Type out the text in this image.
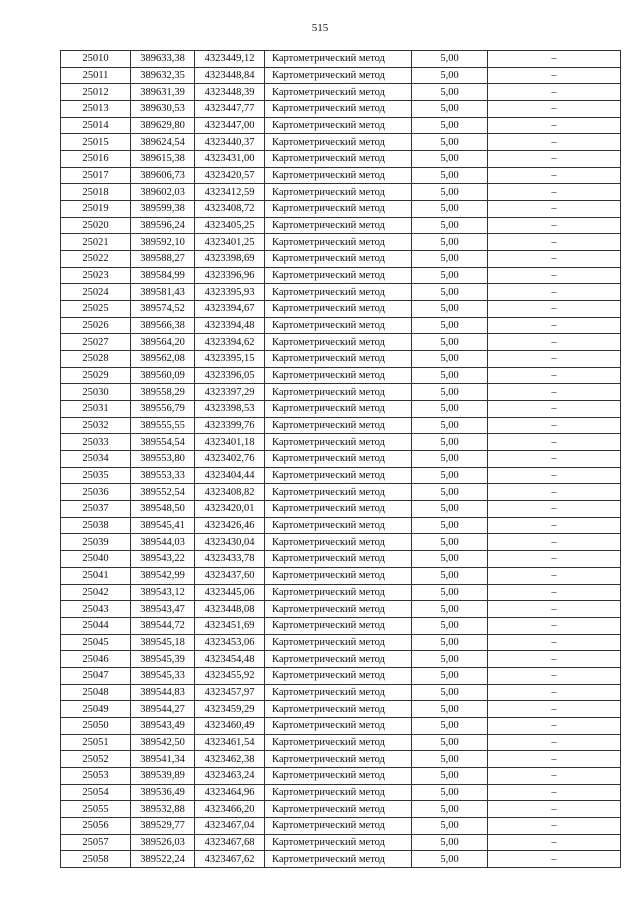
515
25010	389633,38	4323449,12	Картометрический метод	5,00	–
25011	389632,35	4323448,84	Картометрический метод	5,00	–
25012	389631,39	4323448,39	Картометрический метод	5,00	–
25013	389630,53	4323447,77	Картометрический метод	5,00	–
25014	389629,80	4323447,00	Картометрический метод	5,00	–
25015	389624,54	4323440,37	Картометрический метод	5,00	–
25016	389615,38	4323431,00	Картометрический метод	5,00	–
25017	389606,73	4323420,57	Картометрический метод	5,00	–
25018	389602,03	4323412,59	Картометрический метод	5,00	–
25019	389599,38	4323408,72	Картометрический метод	5,00	–
25020	389596,24	4323405,25	Картометрический метод	5,00	–
25021	389592,10	4323401,25	Картометрический метод	5,00	–
25022	389588,27	4323398,69	Картометрический метод	5,00	–
25023	389584,99	4323396,96	Картометрический метод	5,00	–
25024	389581,43	4323395,93	Картометрический метод	5,00	–
25025	389574,52	4323394,67	Картометрический метод	5,00	–
25026	389566,38	4323394,48	Картометрический метод	5,00	–
25027	389564,20	4323394,62	Картометрический метод	5,00	–
25028	389562,08	4323395,15	Картометрический метод	5,00	–
25029	389560,09	4323396,05	Картометрический метод	5,00	–
25030	389558,29	4323397,29	Картометрический метод	5,00	–
25031	389556,79	4323398,53	Картометрический метод	5,00	–
25032	389555,55	4323399,76	Картометрический метод	5,00	–
25033	389554,54	4323401,18	Картометрический метод	5,00	–
25034	389553,80	4323402,76	Картометрический метод	5,00	–
25035	389553,33	4323404,44	Картометрический метод	5,00	–
25036	389552,54	4323408,82	Картометрический метод	5,00	–
25037	389548,50	4323420,01	Картометрический метод	5,00	–
25038	389545,41	4323426,46	Картометрический метод	5,00	–
25039	389544,03	4323430,04	Картометрический метод	5,00	–
25040	389543,22	4323433,78	Картометрический метод	5,00	–
25041	389542,99	4323437,60	Картометрический метод	5,00	–
25042	389543,12	4323445,06	Картометрический метод	5,00	–
25043	389543,47	4323448,08	Картометрический метод	5,00	–
25044	389544,72	4323451,69	Картометрический метод	5,00	–
25045	389545,18	4323453,06	Картометрический метод	5,00	–
25046	389545,39	4323454,48	Картометрический метод	5,00	–
25047	389545,33	4323455,92	Картометрический метод	5,00	–
25048	389544,83	4323457,97	Картометрический метод	5,00	–
25049	389544,27	4323459,29	Картометрический метод	5,00	–
25050	389543,49	4323460,49	Картометрический метод	5,00	–
25051	389542,50	4323461,54	Картометрический метод	5,00	–
25052	389541,34	4323462,38	Картометрический метод	5,00	–
25053	389539,89	4323463,24	Картометрический метод	5,00	–
25054	389536,49	4323464,96	Картометрический метод	5,00	–
25055	389532,88	4323466,20	Картометрический метод	5,00	–
25056	389529,77	4323467,04	Картометрический метод	5,00	–
25057	389526,03	4323467,68	Картометрический метод	5,00	–
25058	389522,24	4323467,62	Картометрический метод	5,00	–
